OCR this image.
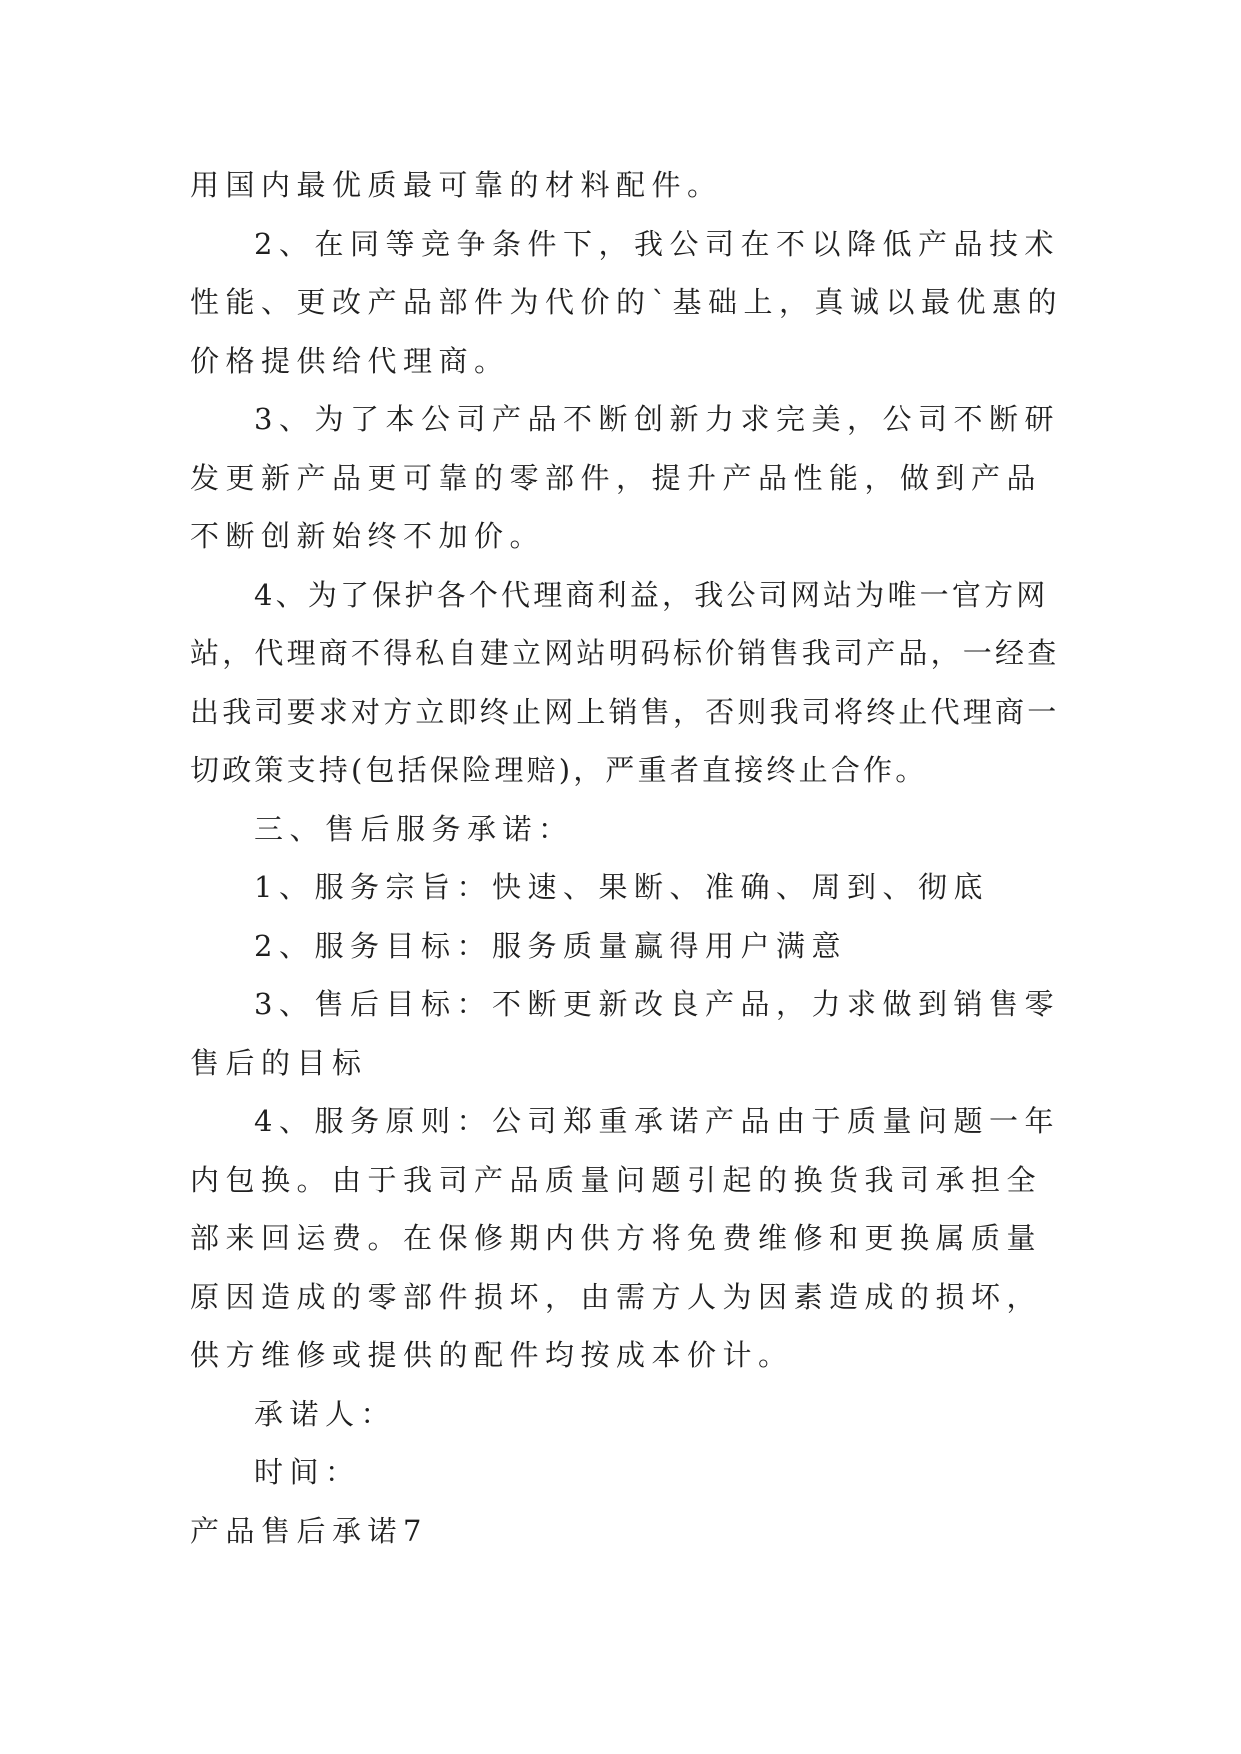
用国内最优质最可靠的材料配件。

2、在同等竞争条件下，我公司在不以降低产品技术性能、更改产品部件为代价的`基础上，真诚以最优惠的价格提供给代理商。

3、为了本公司产品不断创新力求完美，公司不断研发更新产品更可靠的零部件，提升产品性能，做到产品不断创新始终不加价。

4、为了保护各个代理商利益，我公司网站为唯一官方网站，代理商不得私自建立网站明码标价销售我司产品，一经查出我司要求对方立即终止网上销售，否则我司将终止代理商一切政策支持(包括保险理赔)，严重者直接终止合作。

三、售后服务承诺：

1、服务宗旨：快速、果断、准确、周到、彻底

2、服务目标：服务质量赢得用户满意

3、售后目标：不断更新改良产品，力求做到销售零售后的目标

4、服务原则：公司郑重承诺产品由于质量问题一年内包换。由于我司产品质量问题引起的换货我司承担全部来回运费。在保修期内供方将免费维修和更换属质量原因造成的零部件损坏，由需方人为因素造成的损坏，供方维修或提供的配件均按成本价计。

承诺人：

时间：

产品售后承诺7
